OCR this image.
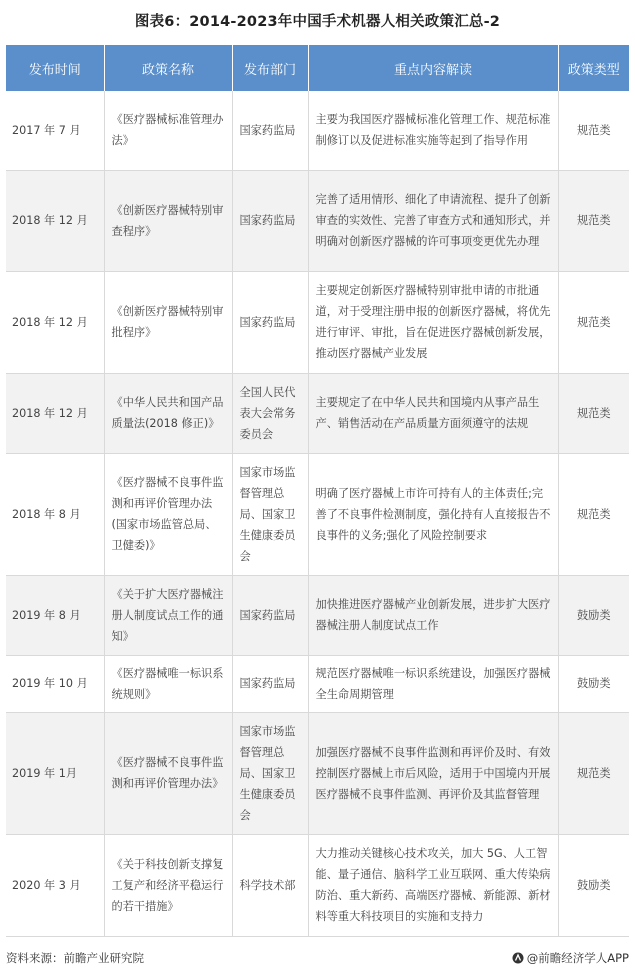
图表6：2014-2023年中国手术机器人相关政策汇总-2
发布时间	政策名称	发布部门	重点内容解读	政策类型
2017 年 7 月	《医疗器械标准管理办法》	国家药监局	主要为我国医疗器械标准化管理工作、规范标准制修订以及促进标准实施等起到了指导作用	规范类
2018 年 12 月	《创新医疗器械特别审查程序》	国家药监局	完善了适用情形、细化了申请流程、提升了创新审查的实效性、完善了审查方式和通知形式，并明确对创新医疗器械的许可事项变更优先办理	规范类
2018 年 12 月	《创新医疗器械特别审批程序》	国家药监局	主要规定创新医疗器械特别审批申请的市批通道，对于受理注册申报的创新医疗器械，将优先进行审评、审批，旨在促进医疗器械创新发展，推动医疗器械产业发展	规范类
2018 年 12 月	《中华人民共和国产品质量法(2018 修正)》	全国人民代表大会常务委员会	主要规定了在中华人民共和国境内从事产品生产、销售活动在产品质量方面须遵守的法规	规范类
2018 年 8 月	《医疗器械不良事件监测和再评价管理办法(国家市场监管总局、卫健委)》	国家市场监督管理总局、国家卫生健康委员会	明确了医疗器械上市许可持有人的主体责任;完善了不良事件检测制度，强化持有人直接报告不良事件的义务;强化了风险控制要求	规范类
2019 年 8 月	《关于扩大医疗器械注册人制度试点工作的通知》	国家药监局	加快推进医疗器械产业创新发展，进步扩大医疗器械注册人制度试点工作	鼓励类
2019 年 10 月	《医疗器械唯一标识系统规则》	国家药监局	规范医疗器械唯一标识系统建设，加强医疗器械全生命周期管理	鼓励类
2019 年 1月	《医疗器械不良事件监测和再评价管理办法》	国家市场监督管理总局、国家卫生健康委员会	加强医疗器械不良事件监测和再评价及时、有效控制医疗器械上市后风险，适用于中国境内开展医疗器械不良事件监测、再评价及其监督管理	规范类
2020 年 3 月	《关于科技创新支撑复工复产和经济平稳运行的若干措施》	科学技术部	大力推动关键核心技术攻关，加大 5G、人工智能、量子通信、脑科学工业互联网、重大传染病防治、重大新药、高端医疗器械、新能源、新材料等重大科技项目的实施和支持力	鼓励类
资料来源：前瞻产业研究院	@前瞻经济学人APP
